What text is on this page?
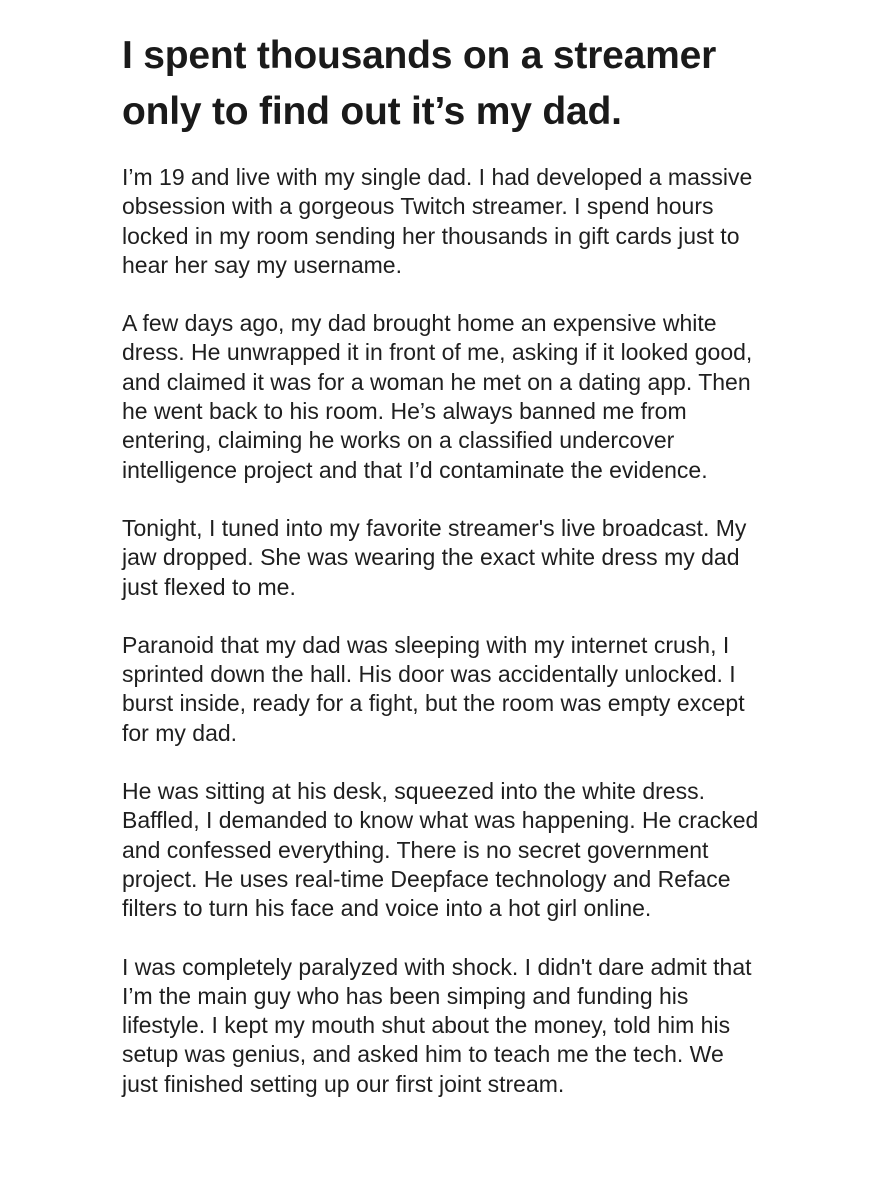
I spent thousands on a streamer only to find out it’s my dad.

I’m 19 and live with my single dad. I had developed a massive obsession with a gorgeous Twitch streamer. I spend hours locked in my room sending her thousands in gift cards just to hear her say my username.

A few days ago, my dad brought home an expensive white dress. He unwrapped it in front of me, asking if it looked good, and claimed it was for a woman he met on a dating app. Then he went back to his room. He’s always banned me from entering, claiming he works on a classified undercover intelligence project and that I’d contaminate the evidence.

Tonight, I tuned into my favorite streamer's live broadcast. My jaw dropped. She was wearing the exact white dress my dad just flexed to me.

Paranoid that my dad was sleeping with my internet crush, I sprinted down the hall. His door was accidentally unlocked. I burst inside, ready for a fight, but the room was empty except for my dad.

He was sitting at his desk, squeezed into the white dress. Baffled, I demanded to know what was happening. He cracked and confessed everything. There is no secret government project. He uses real-time Deepface technology and Reface filters to turn his face and voice into a hot girl online.

I was completely paralyzed with shock. I didn't dare admit that I’m the main guy who has been simping and funding his lifestyle. I kept my mouth shut about the money, told him his setup was genius, and asked him to teach me the tech. We just finished setting up our first joint stream.
